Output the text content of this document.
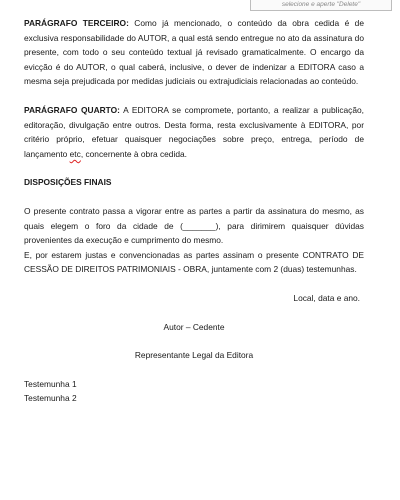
selecione e aperte "Delete"

PARÁGRAFO TERCEIRO: Como já mencionado, o conteúdo da obra cedida é de exclusiva responsabilidade do AUTOR, a qual está sendo entregue no ato da assinatura do presente, com todo o seu conteúdo textual já revisado gramaticalmente. O encargo da evicção é do AUTOR, o qual caberá, inclusive, o dever de indenizar a EDITORA caso a mesma seja prejudicada por medidas judiciais ou extrajudiciais relacionadas ao conteúdo.

PARÁGRAFO QUARTO: A EDITORA se compromete, portanto, a realizar a publicação, editoração, divulgação entre outros. Desta forma, resta exclusivamente à EDITORA, por critério próprio, efetuar quaisquer negociações sobre preço, entrega, período de lançamento etc, concernente à obra cedida.

DISPOSIÇÕES FINAIS

O presente contrato passa a vigorar entre as partes a partir da assinatura do mesmo, as quais elegem o foro da cidade de (_______), para dirimirem quaisquer dúvidas provenientes da execução e cumprimento do mesmo.

E, por estarem justas e convencionadas as partes assinam o presente CONTRATO DE CESSÃO DE DIREITOS PATRIMONIAIS - OBRA, juntamente com 2 (duas) testemunhas.

Local, data e ano.

Autor – Cedente

Representante Legal da Editora

Testemunha 1

Testemunha 2
